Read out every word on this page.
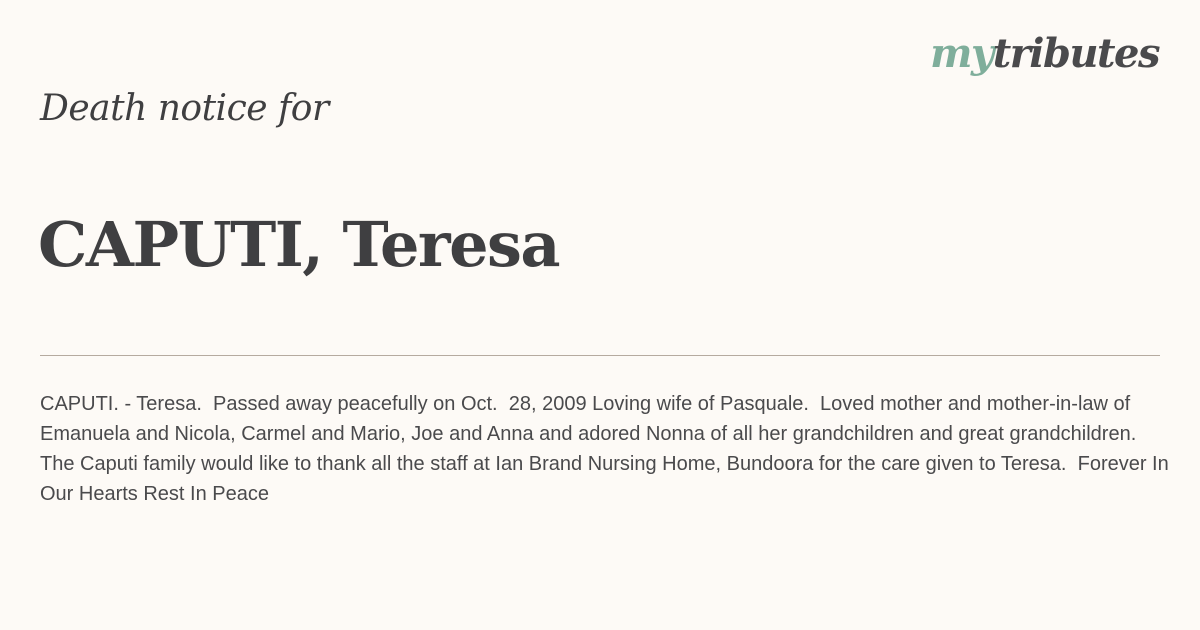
mytributes
Death notice for
CAPUTI, Teresa

CAPUTI. - Teresa.  Passed away peacefully on Oct.  28, 2009 Loving wife of Pasquale.  Loved mother and mother-in-law of Emanuela and Nicola, Carmel and Mario, Joe and Anna and adored Nonna of all her grandchildren and great grandchildren.  The Caputi family would like to thank all the staff at Ian Brand Nursing Home, Bundoora for the care given to Teresa.  Forever In Our Hearts Rest In Peace
